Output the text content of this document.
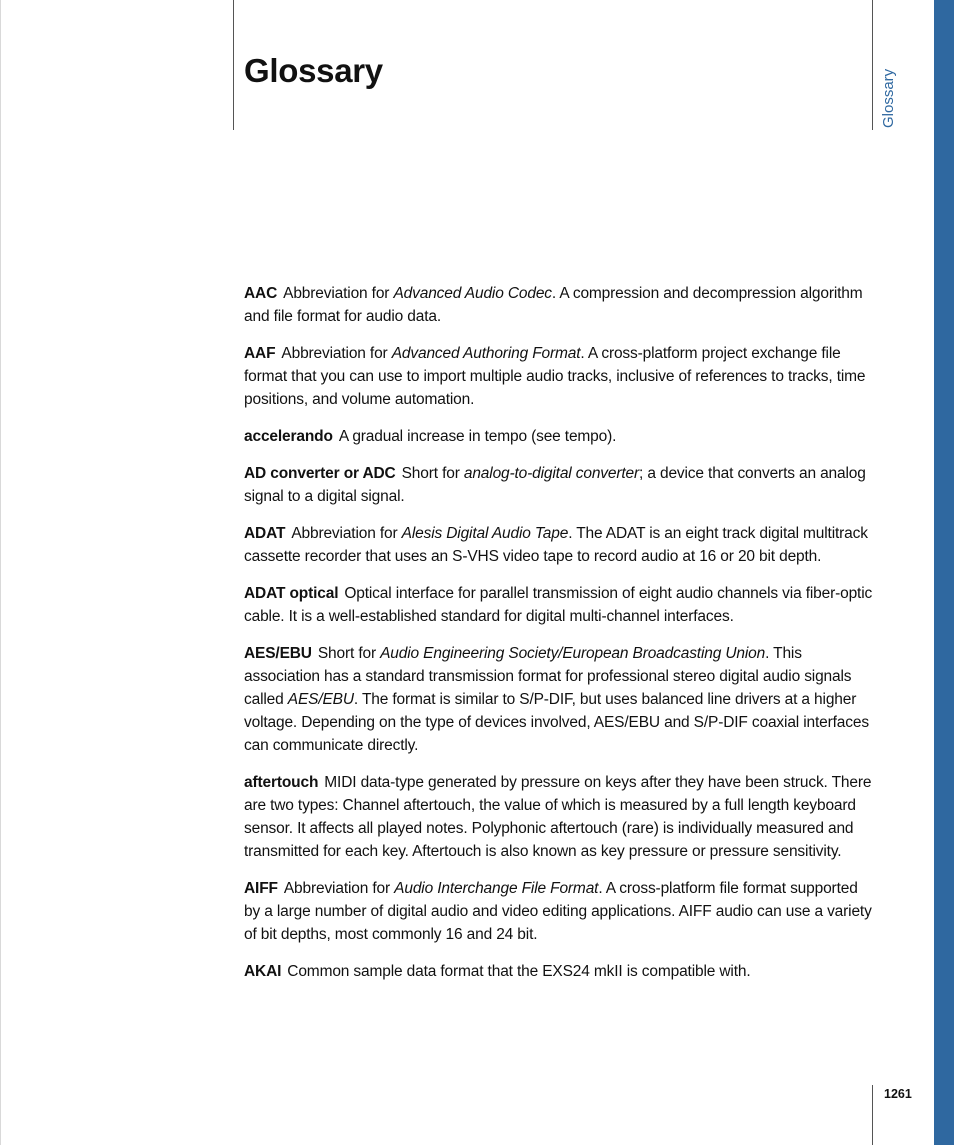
Glossary	Glossary

AAC Abbreviation for Advanced Audio Codec. A compression and decompression algorithm and file format for audio data.

AAF Abbreviation for Advanced Authoring Format. A cross-platform project exchange file format that you can use to import multiple audio tracks, inclusive of references to tracks, time positions, and volume automation.

accelerando A gradual increase in tempo (see tempo).

AD converter or ADC Short for analog-to-digital converter; a device that converts an analog signal to a digital signal.

ADAT Abbreviation for Alesis Digital Audio Tape. The ADAT is an eight track digital multitrack cassette recorder that uses an S-VHS video tape to record audio at 16 or 20 bit depth.

ADAT optical Optical interface for parallel transmission of eight audio channels via fiber-optic cable. It is a well-established standard for digital multi-channel interfaces.

AES/EBU Short for Audio Engineering Society/European Broadcasting Union. This association has a standard transmission format for professional stereo digital audio signals called AES/EBU. The format is similar to S/P-DIF, but uses balanced line drivers at a higher voltage. Depending on the type of devices involved, AES/EBU and S/P-DIF coaxial interfaces can communicate directly.

aftertouch MIDI data-type generated by pressure on keys after they have been struck. There are two types: Channel aftertouch, the value of which is measured by a full length keyboard sensor. It affects all played notes. Polyphonic aftertouch (rare) is individually measured and transmitted for each key. Aftertouch is also known as key pressure or pressure sensitivity.

AIFF Abbreviation for Audio Interchange File Format. A cross-platform file format supported by a large number of digital audio and video editing applications. AIFF audio can use a variety of bit depths, most commonly 16 and 24 bit.

AKAI Common sample data format that the EXS24 mkII is compatible with.

1261
